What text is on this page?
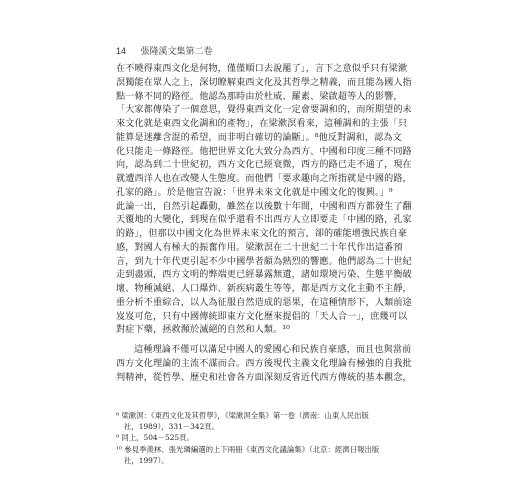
14 張隆溪文集第二卷
在不曉得東西文化是何物，僅僅順口去說罷了」，言下之意似乎只有梁漱
溟獨能在眾人之上，深切瞭解東西文化及其哲學之精義，而且能為國人指
點一條不同的路徑。他認為那時由於杜威、羅素、梁啟超等人的影響，
「大家都傳染了一個意思，覺得東西文化一定會要調和的，而所期望的未
來文化就是東西文化調和的產物」，在梁漱溟看來，這種調和的主張「只
能算是迷離含混的希望，而非明白確切的論斷」。⁸他反對調和，認為文
化只能走一條路徑。他把世界文化大致分為西方、中國和印度三種不同路
向，認為到二十世紀初，西方文化已經衰微，西方的路已走不通了，現在
就遭西洋人也在改變人生態度。而他們「要求趣向之所指就是中國的路，
孔家的路」。於是他宣告說：「世界未來文化就是中國文化的復興。」⁹
此論一出，自然引起轟動，雖然在以後數十年間，中國和西方都發生了翻
天覆地的大變化，到現在似乎還看不出西方人立即要走「中國的路，孔家
的路」，但那以中國文化為世界未來文化的預言，卻的確能增強民族自豪
感，對國人有極大的振奮作用。梁漱溟在二十世紀二十年代作出這番預
言，到九十年代更引起不少中國學者頗為熱烈的響應。他們認為二十世紀
走到盡頭，西方文明的弊端更已經暴露無遺，諸如環境污染、生態平衡破
壞、物種滅絕、人口爆炸、新疾病叢生等等，都是西方文化主動不主靜，
重分析不重綜合，以人為征服自然造成的惡果，在這種情形下，人類前途
岌岌可危，只有中國傳統即東方文化歷來提倡的「天人合一」，庶幾可以
對症下藥，拯救瀕於滅絕的自然和人類。¹⁰
這種理論不僅可以滿足中國人的愛國心和民族自豪感，而且也與當前
西方文化理論的主流不謀而合。西方後現代主義文化理論有極強的自我批
判精神，從哲學、歷史和社會各方面深刻反省近代西方傳統的基本觀念，
⁸ 梁漱溟：《東西文化及其哲學》，《梁漱溟全集》第一卷（濟南：山東人民出版
社，1989），331－342頁。
⁹ 同上，504－525頁。
¹⁰ 參見季羨林、張光璘編選的上下兩冊《東西文化議論集》（北京：經濟日報出版
社，1997）。
